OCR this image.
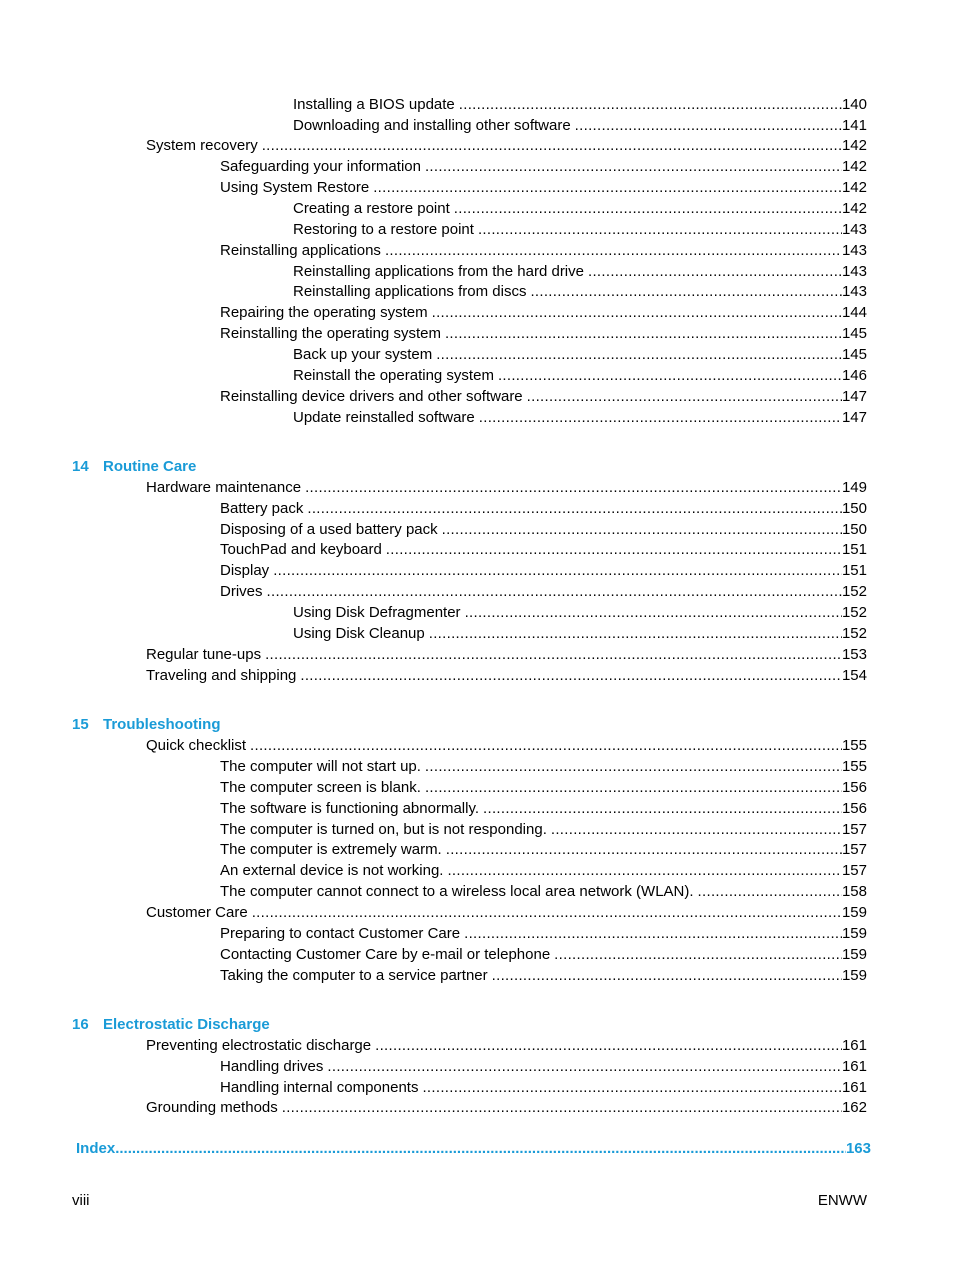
Installing a BIOS update .....	140
Downloading and installing other software .....	141
System recovery .....	142
Safeguarding your information .....	142
Using System Restore .....	142
Creating a restore point .....	142
Restoring to a restore point .....	143
Reinstalling applications .....	143
Reinstalling applications from the hard drive .....	143
Reinstalling applications from discs .....	143
Repairing the operating system .....	144
Reinstalling the operating system .....	145
Back up your system .....	145
Reinstall the operating system .....	146
Reinstalling device drivers and other software .....	147
Update reinstalled software .....	147
14 Routine Care
Hardware maintenance .....	149
Battery pack .....	150
Disposing of a used battery pack .....	150
TouchPad and keyboard .....	151
Display .....	151
Drives .....	152
Using Disk Defragmenter .....	152
Using Disk Cleanup .....	152
Regular tune-ups .....	153
Traveling and shipping .....	154
15 Troubleshooting
Quick checklist .....	155
The computer will not start up. .....	155
The computer screen is blank. .....	156
The software is functioning abnormally. .....	156
The computer is turned on, but is not responding. .....	157
The computer is extremely warm. .....	157
An external device is not working. .....	157
The computer cannot connect to a wireless local area network (WLAN). .....	158
Customer Care .....	159
Preparing to contact Customer Care .....	159
Contacting Customer Care by e-mail or telephone .....	159
Taking the computer to a service partner .....	159
16 Electrostatic Discharge
Preventing electrostatic discharge .....	161
Handling drives .....	161
Handling internal components .....	161
Grounding methods .....	162
Index .....	163
viii	ENWW
